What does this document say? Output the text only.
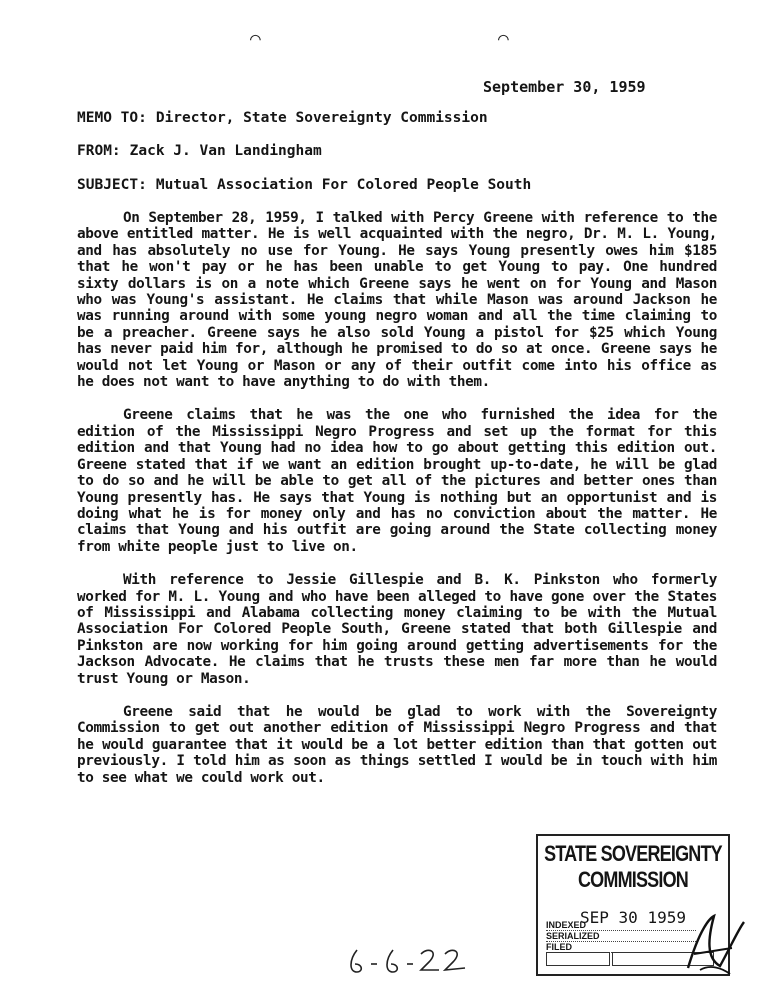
⌒	⌒
September 30, 1959
MEMO TO: Director, State Sovereignty Commission
FROM: Zack J. Van Landingham
SUBJECT: Mutual Association For Colored People South

On September 28, 1959, I talked with Percy Greene with reference to the above entitled matter. He is well acquainted with the negro, Dr. M. L. Young, and has absolutely no use for Young. He says Young presently owes him $185 that he won't pay or he has been unable to get Young to pay. One hundred sixty dollars is on a note which Greene says he went on for Young and Mason who was Young's assistant. He claims that while Mason was around Jackson he was running around with some young negro woman and all the time claiming to be a preacher. Greene says he also sold Young a pistol for $25 which Young has never paid him for, although he promised to do so at once. Greene says he would not let Young or Mason or any of their outfit come into his office as he does not want to have anything to do with them.

Greene claims that he was the one who furnished the idea for the edition of the Mississippi Negro Progress and set up the format for this edition and that Young had no idea how to go about getting this edition out. Greene stated that if we want an edition brought up-to-date, he will be glad to do so and he will be able to get all of the pictures and better ones than Young presently has. He says that Young is nothing but an opportunist and is doing what he is for money only and has no conviction about the matter. He claims that Young and his outfit are going around the State collecting money from white people just to live on.

With reference to Jessie Gillespie and B. K. Pinkston who formerly worked for M. L. Young and who have been alleged to have gone over the States of Mississippi and Alabama collecting money claiming to be with the Mutual Association For Colored People South, Greene stated that both Gillespie and Pinkston are now working for him going around getting advertisements for the Jackson Advocate. He claims that he trusts these men far more than he would trust Young or Mason.

Greene said that he would be glad to work with the Sovereignty Commission to get out another edition of Mississippi Negro Progress and that he would guarantee that it would be a lot better edition than that gotten out previously. I told him as soon as things settled I would be in touch with him to see what we could work out.

STATE SOVEREIGNTY COMMISSION
SEP 30 1959
INDEXED
SERIALIZED
FILED
